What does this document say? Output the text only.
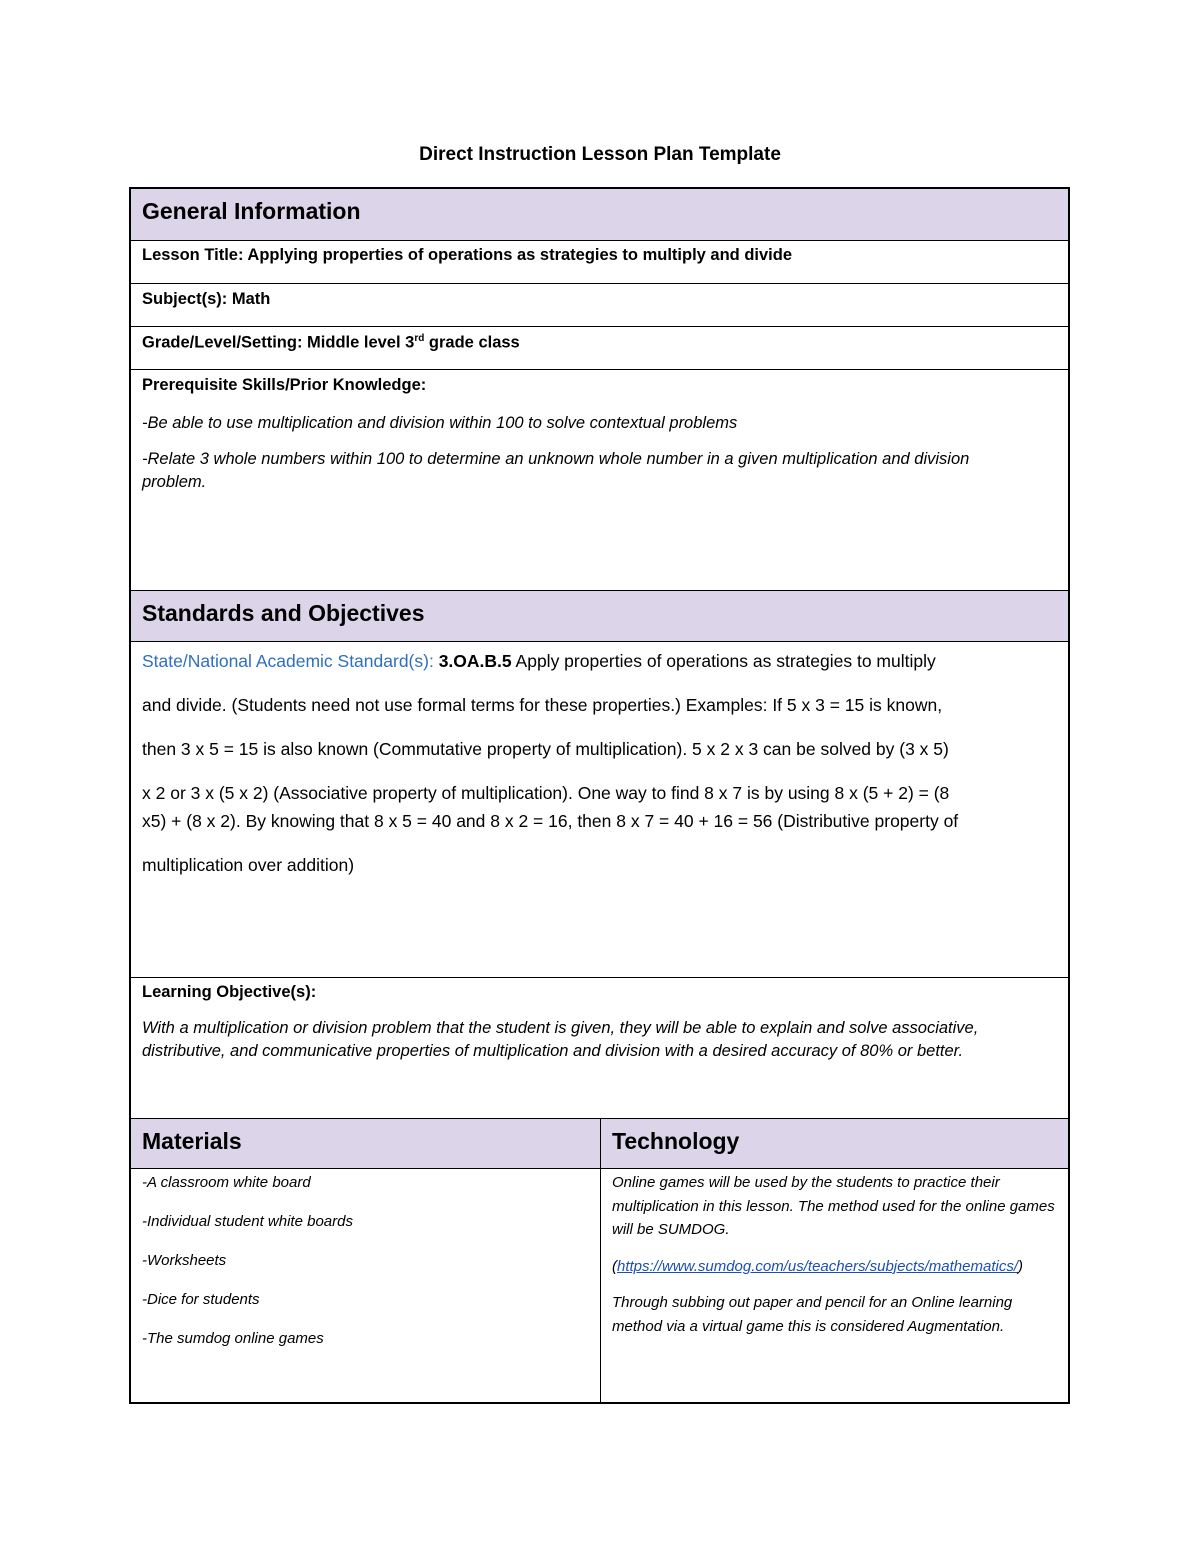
Direct Instruction Lesson Plan Template
General Information
Lesson Title: Applying properties of operations as strategies to multiply and divide
Subject(s): Math
Grade/Level/Setting: Middle level 3rd grade class
Prerequisite Skills/Prior Knowledge:
-Be able to use multiplication and division within 100 to solve contextual problems
-Relate 3 whole numbers within 100 to determine an unknown whole number in a given multiplication and division problem.
Standards and Objectives
State/National Academic Standard(s): 3.OA.B.5 Apply properties of operations as strategies to multiply
and divide. (Students need not use formal terms for these properties.) Examples: If 5 x 3 = 15 is known,
then 3 x 5 = 15 is also known (Commutative property of multiplication). 5 x 2 x 3 can be solved by (3 x 5)
x 2 or 3 x (5 x 2) (Associative property of multiplication). One way to find 8 x 7 is by using 8 x (5 + 2) = (8
x5) + (8 x 2). By knowing that 8 x 5 = 40 and 8 x 2 = 16, then 8 x 7 = 40 + 16 = 56 (Distributive property of
multiplication over addition)
Learning Objective(s):
With a multiplication or division problem that the student is given, they will be able to explain and solve associative, distributive, and communicative properties of multiplication and division with a desired accuracy of 80% or better.
Materials	Technology
-A classroom white board
-Individual student white boards
-Worksheets
-Dice for students
-The sumdog online games
Online games will be used by the students to practice their multiplication in this lesson. The method used for the online games will be SUMDOG.
(https://www.sumdog.com/us/teachers/subjects/mathematics/)
Through subbing out paper and pencil for an Online learning method via a virtual game this is considered Augmentation.
